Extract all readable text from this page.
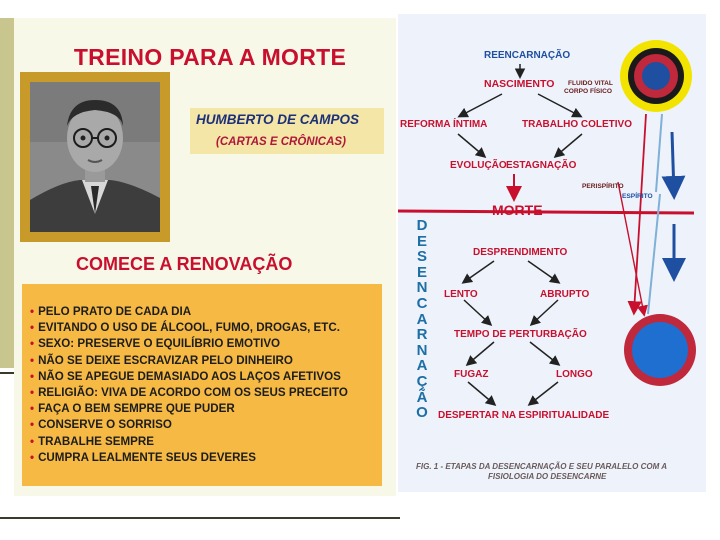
TREINO PARA A MORTE
HUMBERTO DE CAMPOS
(CARTAS E CRÔNICAS)
COMECE A RENOVAÇÃO
• PELO PRATO DE CADA DIA
• EVITANDO O USO DE ÁLCOOL, FUMO, DROGAS, ETC.
• SEXO: PRESERVE O EQUILÍBRIO EMOTIVO
• NÃO SE DEIXE ESCRAVIZAR PELO DINHEIRO
• NÃO SE APEGUE DEMASIADO AOS LAÇOS AFETIVOS
• RELIGIÃO: VIVA DE ACORDO COM OS SEUS PRECEITO
• FAÇA O BEM SEMPRE QUE PUDER
• CONSERVE O SORRISO
• TRABALHE SEMPRE
• CUMPRA LEALMENTE SEUS DEVERES
REENCARNAÇÃO
NASCIMENTO FLUIDO VITAL
CORPO FÍSICO
REFORMA ÍNTIMA	TRABALHO COLETIVO
EVOLUÇÃO ESTAGNAÇÃO
PERISPÍRITO
ESPÍRITO
MORTE
DESPRENDIMENTO
LENTO	ABRUPTO
TEMPO DE PERTURBAÇÃO
FUGAZ	LONGO
DESPERTAR NA ESPIRITUALIDADE
D
E
S
E
N
C
A
R
N
A
Ç
Ã
O
FIG. 1 - ETAPAS DA DESENCARNAÇÃO E SEU PARALELO COM A
FISIOLOGIA DO DESENCARNE
